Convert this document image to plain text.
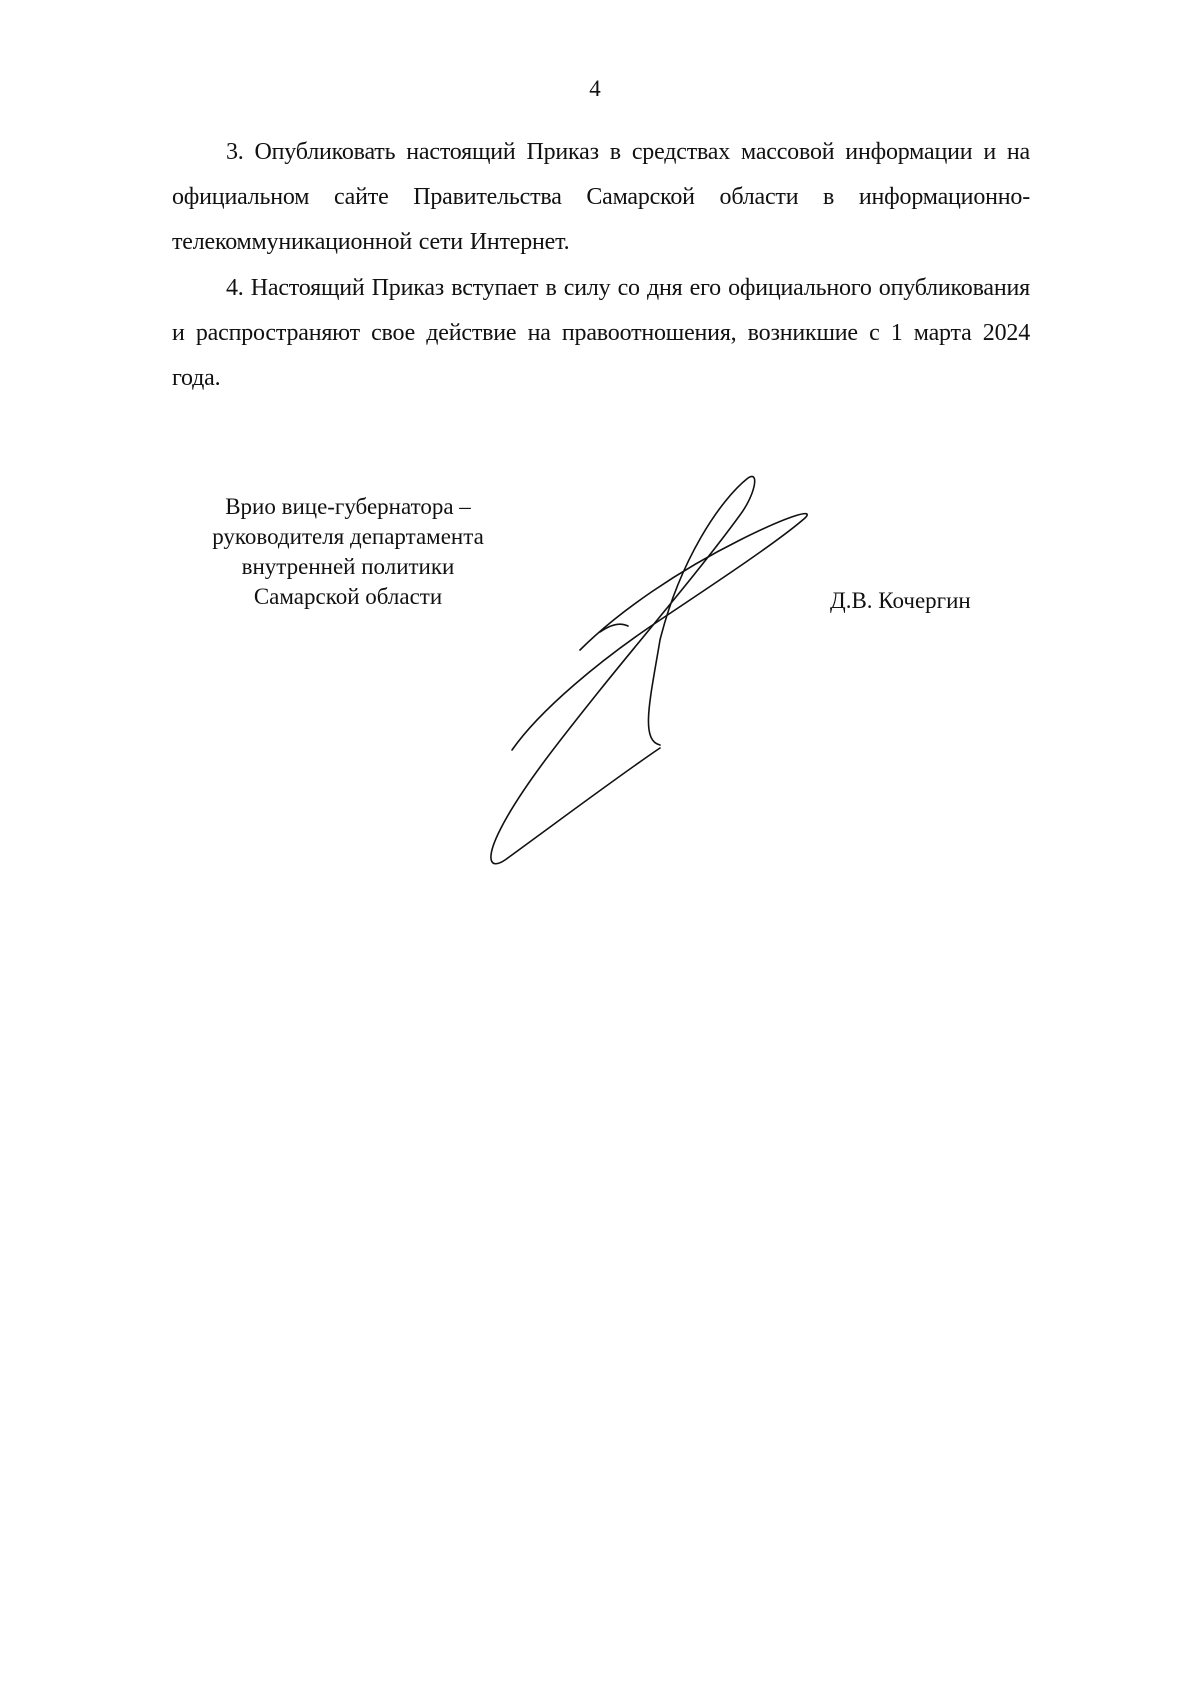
4
3. Опубликовать настоящий Приказ в средствах массовой информации и на официальном сайте Правительства Самарской области в информационно-телекоммуникационной сети Интернет.
4. Настоящий Приказ вступает в силу со дня его официального опубликования и распространяют свое действие на правоотношения, возникшие с 1 марта 2024 года.
Врио вице-губернатора –
руководителя департамента
внутренней политики
Самарской области	Д.В. Кочергин
